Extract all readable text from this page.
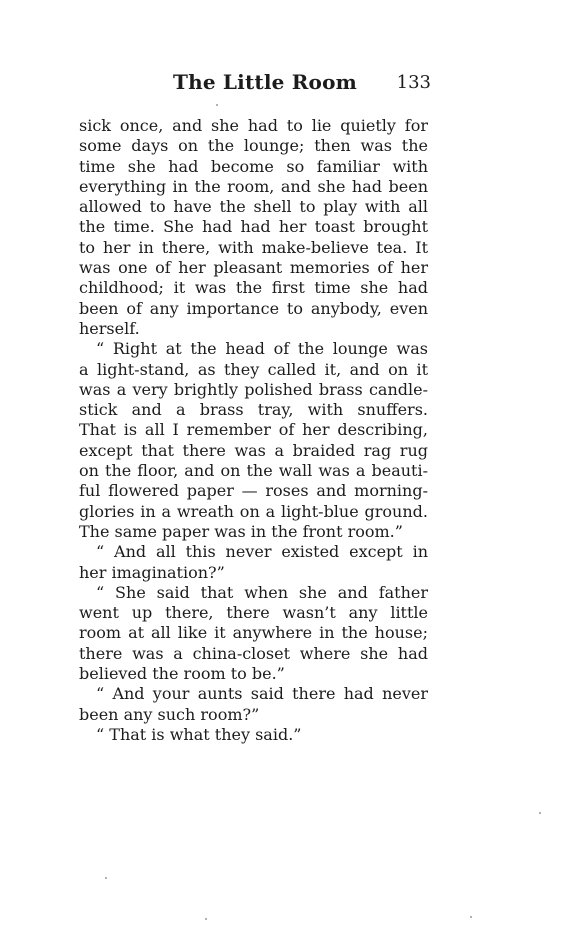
The Little Room 133
sick once, and she had to lie quietly for
some days on the lounge; then was the
time she had become so familiar with
everything in the room, and she had been
allowed to have the shell to play with all
the time. She had had her toast brought
to her in there, with make-believe tea. It
was one of her pleasant memories of her
childhood; it was the first time she had
been of any importance to anybody, even
herself.
“ Right at the head of the lounge was
a light-stand, as they called it, and on it
was a very brightly polished brass candle-
stick and a brass tray, with snuffers.
That is all I remember of her describing,
except that there was a braided rag rug
on the floor, and on the wall was a beauti-
ful flowered paper — roses and morning-
glories in a wreath on a light-blue ground.
The same paper was in the front room.”
“ And all this never existed except in
her imagination?”
“ She said that when she and father
went up there, there wasn’t any little
room at all like it anywhere in the house;
there was a china-closet where she had
believed the room to be.”
“ And your aunts said there had never
been any such room?”
“ That is what they said.”
